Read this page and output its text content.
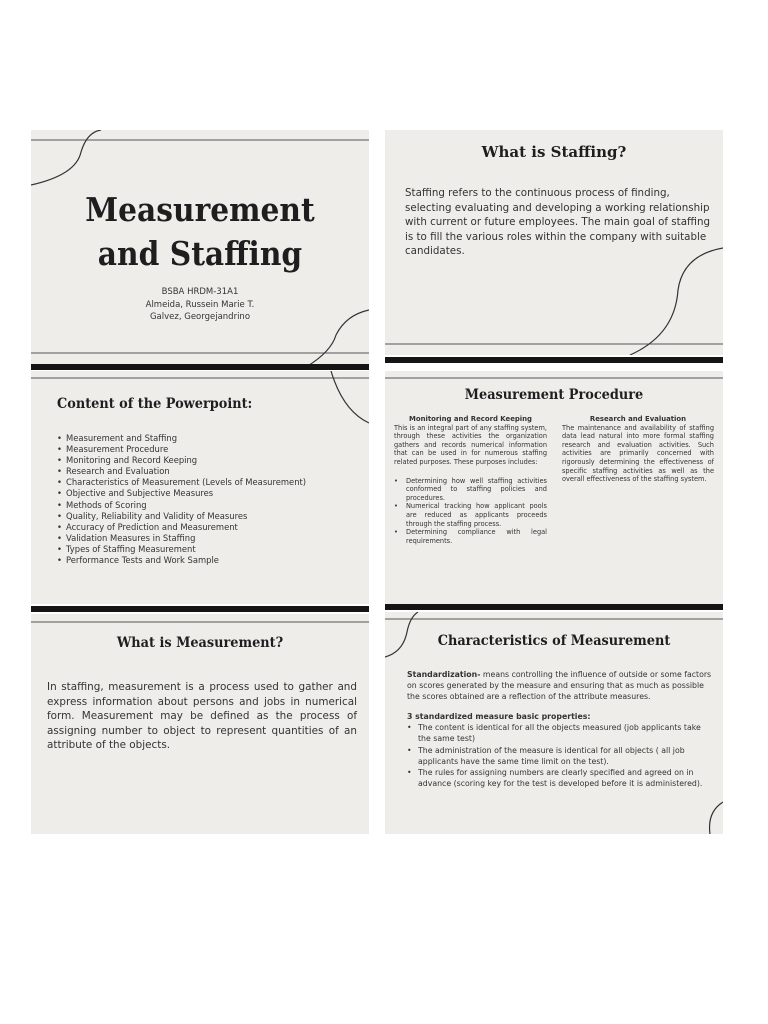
Measurement
and Staffing
BSBA HRDM-31A1
Almeida, Russein Marie T.
Galvez, Georgejandrino
What is Staffing?
Staffing refers to the continuous process of finding, selecting evaluating and developing a working relationship with current or future employees. The main goal of staffing is to fill the various roles within the company with suitable candidates.
Content of the Powerpoint:
• Measurement and Staffing
• Measurement Procedure
• Monitoring and Record Keeping
• Research and Evaluation
• Characteristics of Measurement (Levels of Measurement)
• Objective and Subjective Measures
• Methods of Scoring
• Quality, Reliability and Validity of Measures
• Accuracy of Prediction and Measurement
• Validation Measures in Staffing
• Types of Staffing Measurement
• Performance Tests and Work Sample
Measurement Procedure
Monitoring and Record Keeping
This is an integral part of any staffing system, through these activities the organization gathers and records numerical information that can be used in for numerous staffing related purposes. These purposes includes:
• Determining how well staffing activities conformed to staffing policies and procedures.
• Numerical tracking how applicant pools are reduced as applicants proceeds through the staffing process.
• Determining compliance with legal requirements.
Research and Evaluation
The maintenance and availability of staffing data lead natural into more formal staffing research and evaluation activities. Such activities are primarily concerned with rigorously determining the effectiveness of specific staffing activities as well as the overall effectiveness of the staffing system.
What is Measurement?
In staffing, measurement is a process used to gather and express information about persons and jobs in numerical form. Measurement may be defined as the process of assigning number to object to represent quantities of an attribute of the objects.
Characteristics of Measurement
Standardization- means controlling the influence of outside or some factors on scores generated by the measure and ensuring that as much as possible the scores obtained are a reflection of the attribute measures.
3 standardized measure basic properties:
• The content is identical for all the objects measured (job applicants take the same test)
• The administration of the measure is identical for all objects ( all job applicants have the same time limit on the test).
• The rules for assigning numbers are clearly specified and agreed on in advance (scoring key for the test is developed before it is administered).
